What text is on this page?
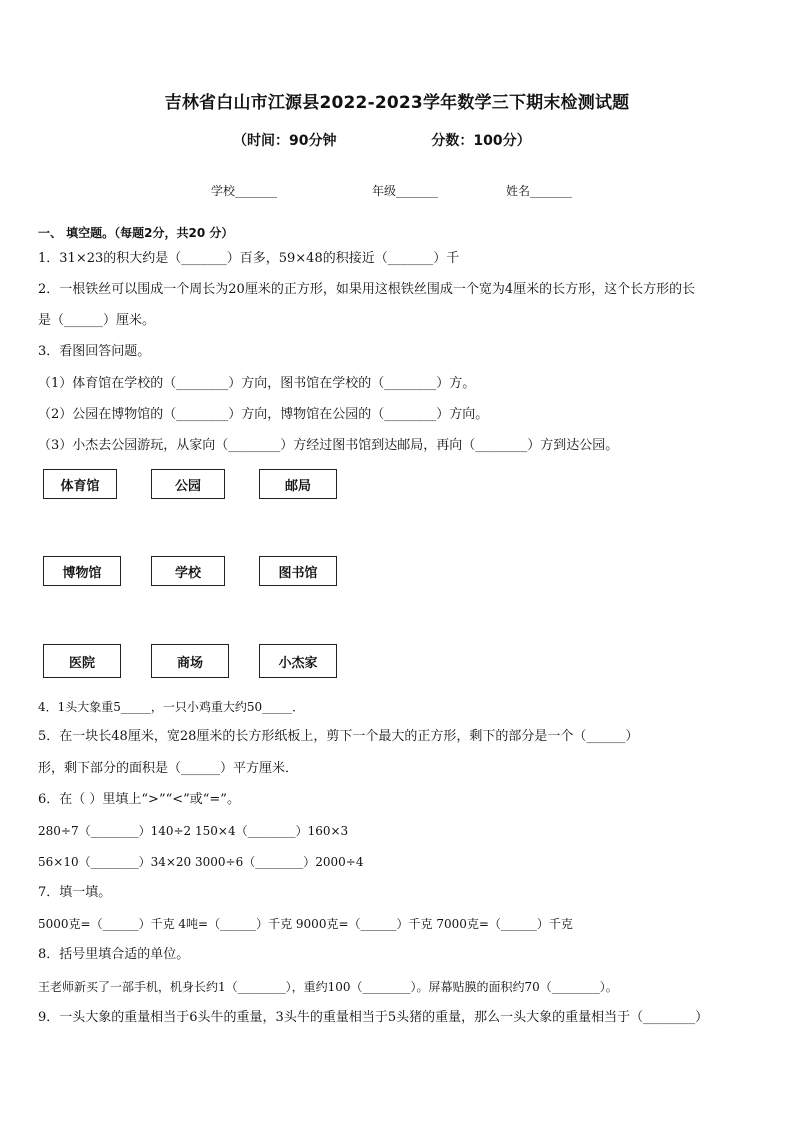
吉林省白山市江源县2022-2023学年数学三下期末检测试题
（时间：90分钟	分数：100分）
学校_______	年级_______	姓名_______
一、 填空题。（每题2分，共20 分）
1．31×23的积大约是（_______）百多，59×48的积接近（_______）千
2．一根铁丝可以围成一个周长为20厘米的正方形，如果用这根铁丝围成一个宽为4厘米的长方形，这个长方形的长
是（______）厘米。
3．看图回答问题。
（1）体育馆在学校的（________）方向，图书馆在学校的（________）方。
（2）公园在博物馆的（________）方向，博物馆在公园的（________）方向。
（3）小杰去公园游玩，从家向（________）方经过图书馆到达邮局，再向（________）方到达公园。
体育馆	公园	邮局
博物馆	学校	图书馆
医院	商场	小杰家
4．1头大象重5_____，一只小鸡重大约50_____．
5．在一块长48厘米，宽28厘米的长方形纸板上，剪下一个最大的正方形，剩下的部分是一个（______）
形，剩下部分的面积是（______）平方厘米．
6．在（ ）里填上“>”“<”或“=”。
280÷7（________）140÷2 150×4（________）160×3
56×10（________）34×20 3000÷6（________）2000÷4
7．填一填。
5000克=（______）千克 4吨=（______）千克 9000克=（______）千克 7000克=（______）千克
8．括号里填合适的单位。
王老师新买了一部手机，机身长约1（________），重约100（________）。屏幕贴膜的面积约70（________）。
9．一头大象的重量相当于6头牛的重量，3头牛的重量相当于5头猪的重量，那么一头大象的重量相当于（________）
